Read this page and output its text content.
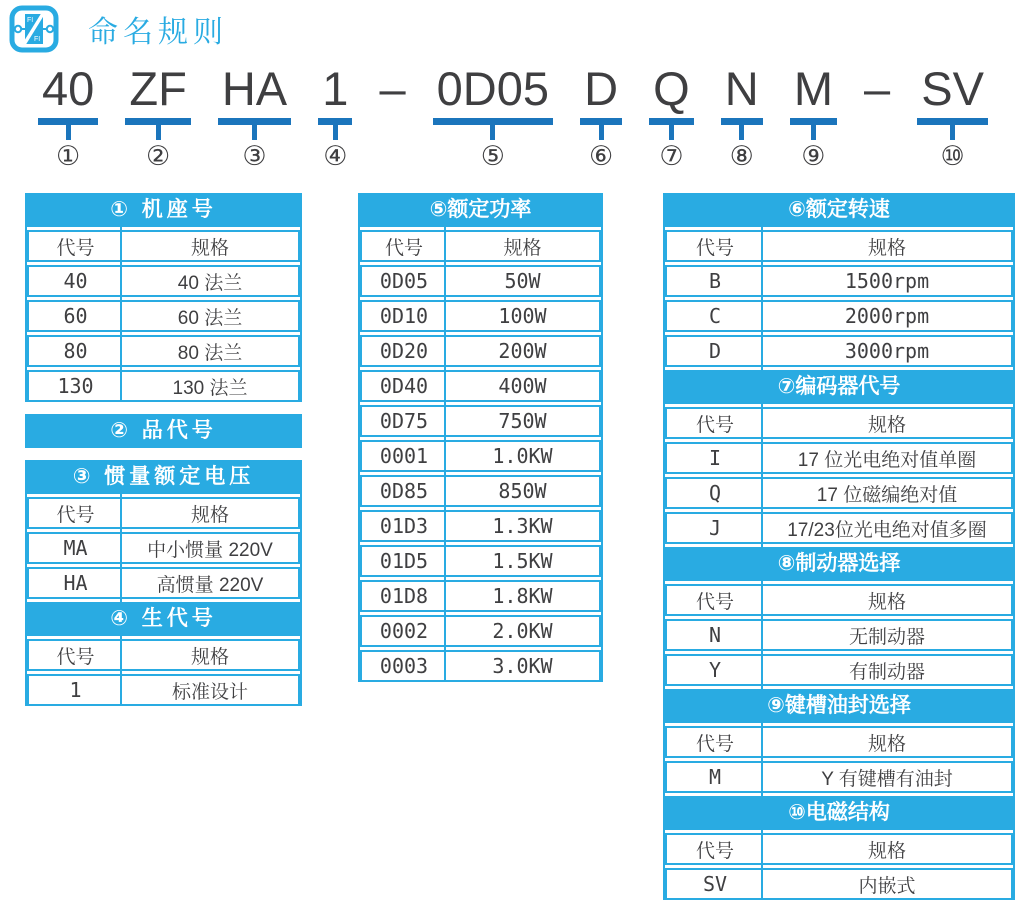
FI
FI 命名规则
40
①
ZF
②
HA
③
1
④
– 0D05
⑤
D
⑥
Q
⑦
N
⑧
M
⑨
– SV
⑩
① 机座号
代号	规格
40	40 法兰
60	60 法兰
80	80 法兰
130	130 法兰
② 品代号
③ 惯量额定电压
代号	规格
MA	中小惯量 220V
HA	高惯量 220V
④ 生代号
代号	规格
1	标准设计
⑤额定功率
代号	规格
0D05	50W
0D10	100W
0D20	200W
0D40	400W
0D75	750W
0001	1.0KW
0D85	850W
01D3	1.3KW
01D5	1.5KW
01D8	1.8KW
0002	2.0KW
0003	3.0KW
⑥额定转速
代号	规格
B	1500rpm
C	2000rpm
D	3000rpm
⑦编码器代号
代号	规格
I	17 位光电绝对值单圈
Q	17 位磁编绝对值
J	17/23位光电绝对值多圈
⑧制动器选择
代号	规格
N	无制动器
Y	有制动器
⑨键槽油封选择
代号	规格
M	Y 有键槽有油封
⑩电磁结构
代号	规格
SV	内嵌式
